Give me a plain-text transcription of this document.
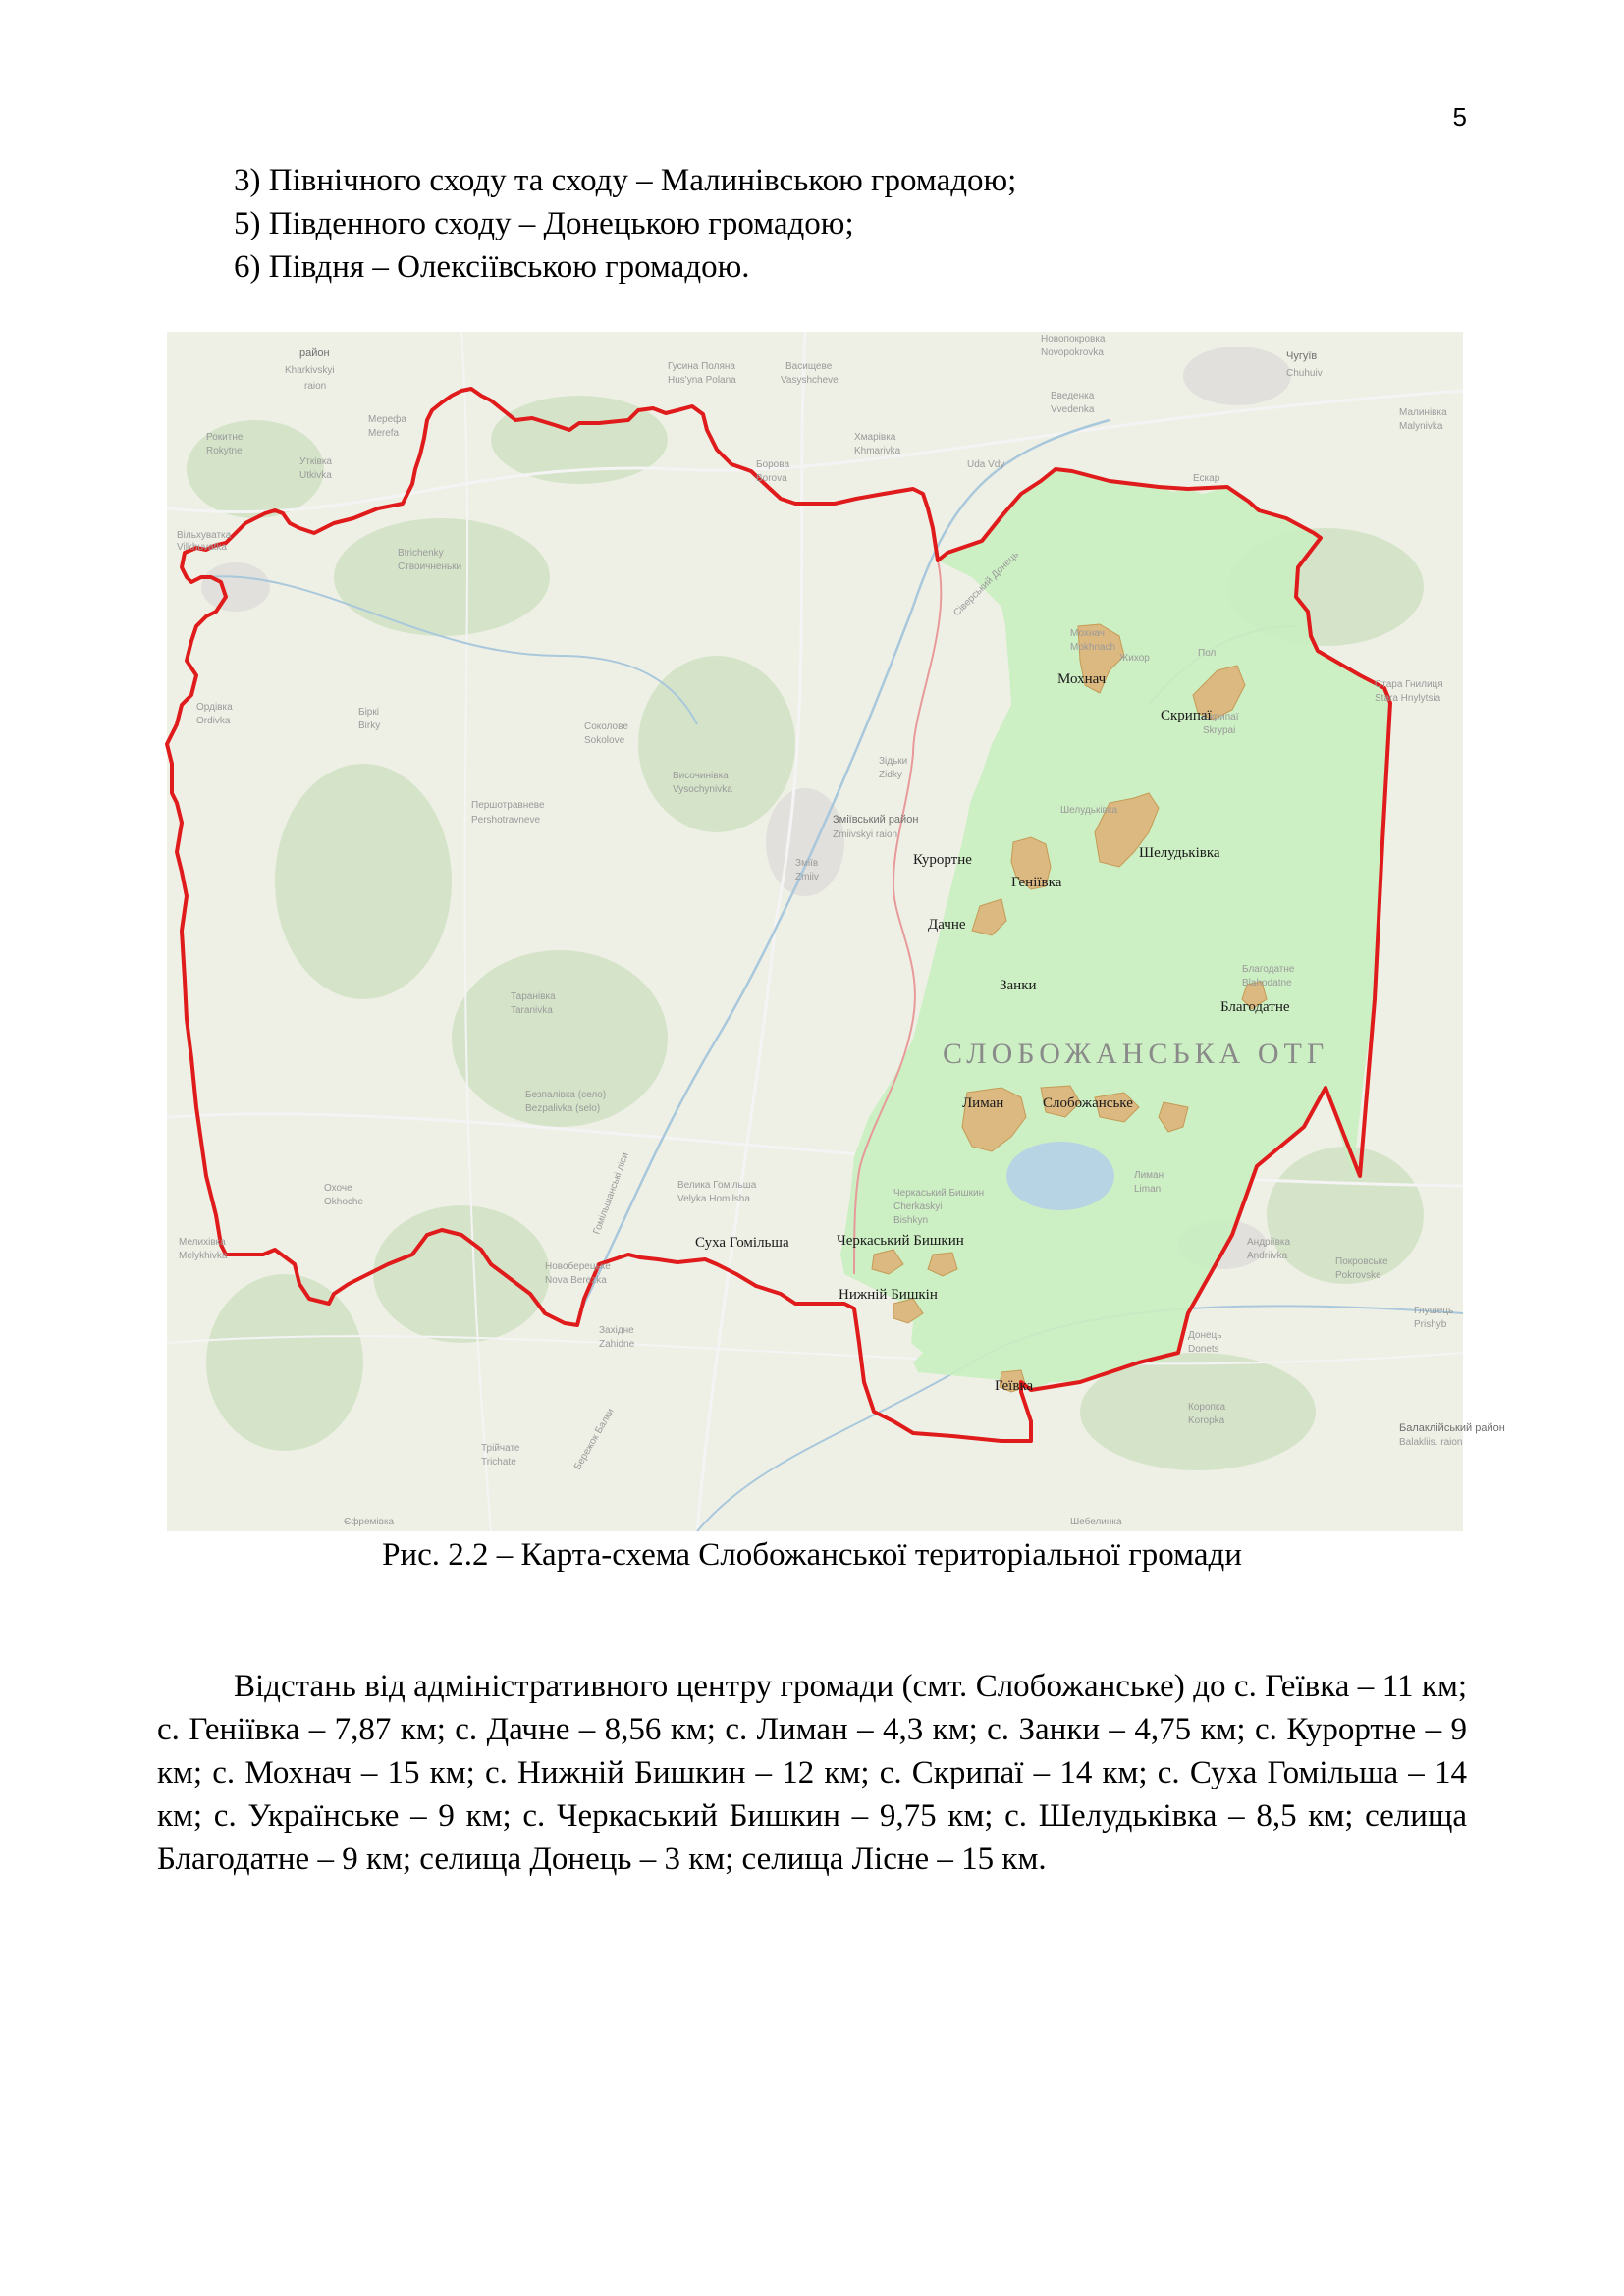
5
3) Північного сходу та сходу – Малинівською громадою;
5) Південного сходу – Донецькою громадою;
6) Півдня – Олексіївською громадою.
район
Kharkivskyi
raion
Гусина Поляна
Hus'yna Polana
Васищеве
Vasyshcheve
Новопокровка
Novopokrovka	Чугуїв
Chuhuiv
Мерефа
Merefa
Рокитне
Rokytne
Утківка
Utkivka
Хмарівка
Khmarivka
Введенка
Vvedenka	Малинівка
Malynivka
Ескар
Боровa
Borova
Вільхуватка
Vilkhuvatka
Таранівка
Taranivka
Зміївський район
Zmiivskyi raion
Зміїв
Zmiiv
Стара Гнилиця
Stara Hnylytsia
Жихор	Пол
Першотравневе
Pershotravneve
Безпалівка (село)
Bezpalivka (selo)
Велика Гомільша
Velyka Homilsha
Андріївка
Andriivka
Покровське
Pokrovske
Новоберецьке
Nova Berezka
Донець
Donets
Трійчате
Trichate
Коропка
Koropka
Балаклійський район
Balakliis. raion
Шебелинка
Єфремівка
Мелихівка
Melykhivka
Охоче
Okhoche
Соколове
Sokolove
Височинівка
Vysochynivka
Біркі
Birky
Ордівка
Ordivka
Глушець
Prishyb
Західне
Zahidne
Зідьки
Zidky
Лиман
Liman
Черкаський Бишкин
Cherkaskyi
Bishkyn
Благодатне
Blahodatne
Шелудьківка
Мохнач
Mokhnach
Скрипаї
Skrypai
Вtrichenky
Ствоичненьки
Uda Vdy
Гомільшанські ліси
Бережок Балки
Сіверський Донець
Мохнач
Скрипаї
Шелудьківка
Курортне
Геніївка
Дачне
Занки
Благодатне
СЛОБОЖАНСЬКА ОТГ
Лиман	Слобожанське
Суха Гомільша	Черкаський Бишкин
Нижній Бишкін
Геївка
Рис. 2.2 – Карта-схема Слобожанської територіальної громади

Відстань від адміністративного центру громади (смт. Слобожанське) до с. Геївка – 11 км; с. Геніївка – 7,87 км; с. Дачне – 8,56 км; с. Лиман – 4,3 км; с. Занки – 4,75 км; с. Курортне – 9 км; с. Мохнач – 15 км; с. Нижній Бишкин – 12 км; с. Скрипаї – 14 км; с. Суха Гомільша – 14 км; с. Українське – 9 км; с. Черкаський Бишкин – 9,75 км; с. Шелудьківка – 8,5 км; селища Благодатне – 9 км; селища Донець – 3 км; селища Лісне – 15 км.
